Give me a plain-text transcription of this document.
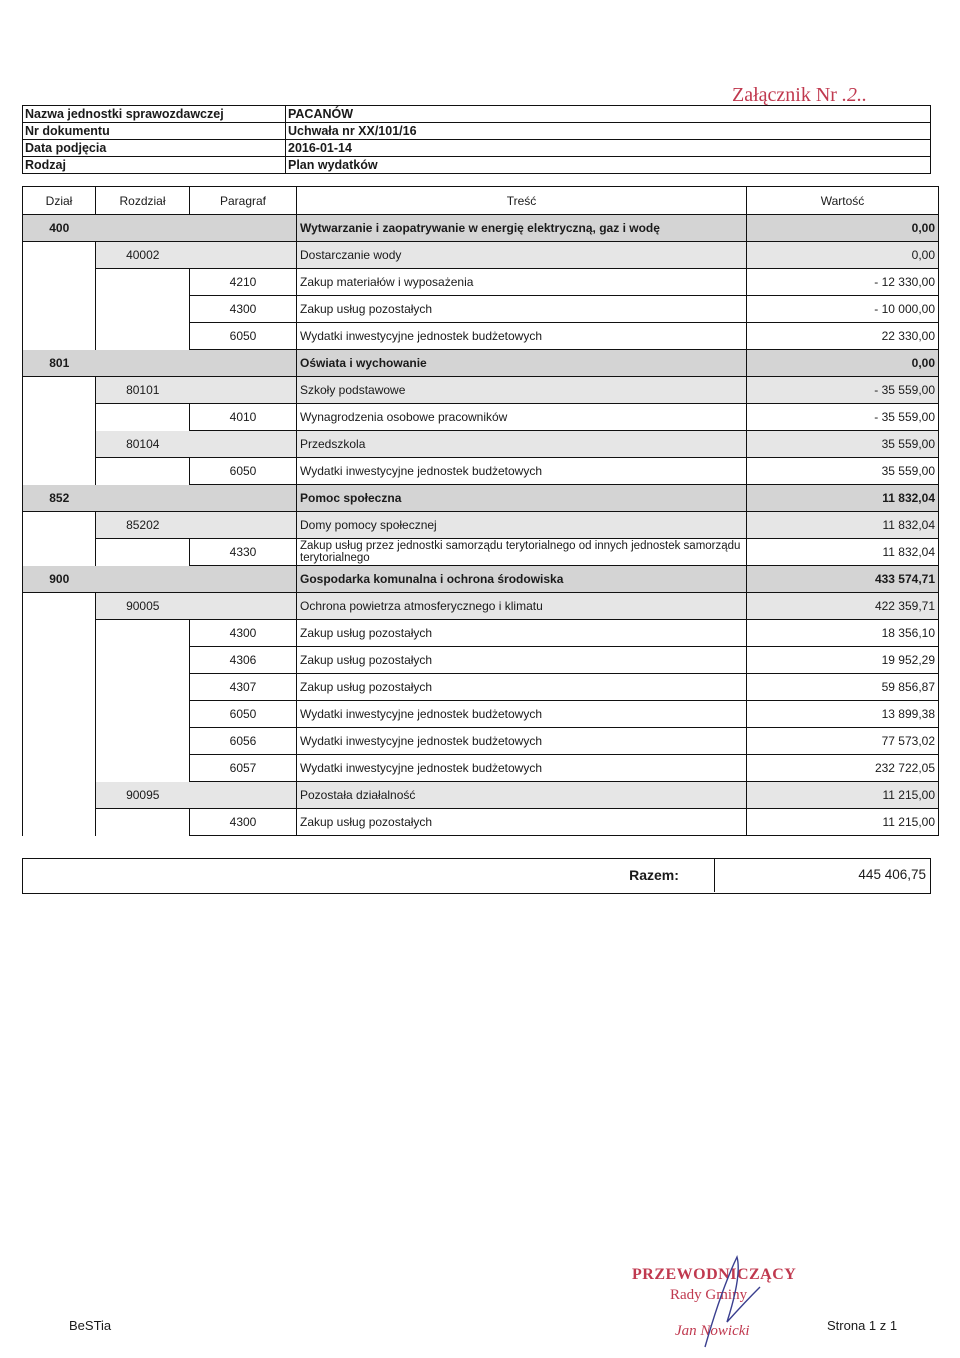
Załącznik Nr .2..
Nazwa jednostki sprawozdawczej	PACANÓW
Nr dokumentu	Uchwała nr XX/101/16
Data podjęcia	2016-01-14
Rodzaj	Plan wydatków
Dział	Rozdział	Paragraf	Treść	Wartość
400			Wytwarzanie i zaopatrywanie w energię elektryczną, gaz i wodę	0,00
	40002		Dostarczanie wody	0,00
		4210	Zakup materiałów i wyposażenia	- 12 330,00
		4300	Zakup usług pozostałych	- 10 000,00
		6050	Wydatki inwestycyjne jednostek budżetowych	22 330,00
801			Oświata i wychowanie	0,00
	80101		Szkoły podstawowe	- 35 559,00
		4010	Wynagrodzenia osobowe pracowników	- 35 559,00
	80104		Przedszkola	35 559,00
		6050	Wydatki inwestycyjne jednostek budżetowych	35 559,00
852			Pomoc społeczna	11 832,04
	85202		Domy pomocy społecznej	11 832,04
		4330	Zakup usług przez jednostki samorządu terytorialnego od innych jednostek samorządu terytorialnego	11 832,04
900			Gospodarka komunalna i ochrona środowiska	433 574,71
	90005		Ochrona powietrza atmosferycznego i klimatu	422 359,71
		4300	Zakup usług pozostałych	18 356,10
		4306	Zakup usług pozostałych	19 952,29
		4307	Zakup usług pozostałych	59 856,87
		6050	Wydatki inwestycyjne jednostek budżetowych	13 899,38
		6056	Wydatki inwestycyjne jednostek budżetowych	77 573,02
		6057	Wydatki inwestycyjne jednostek budżetowych	232 722,05
	90095		Pozostała działalność	11 215,00
		4300	Zakup usług pozostałych	11 215,00
Razem:	445 406,75
PRZEWODNICZĄCY
Rady Gminy
Jan Nowicki
BeSTia	Strona 1 z 1
